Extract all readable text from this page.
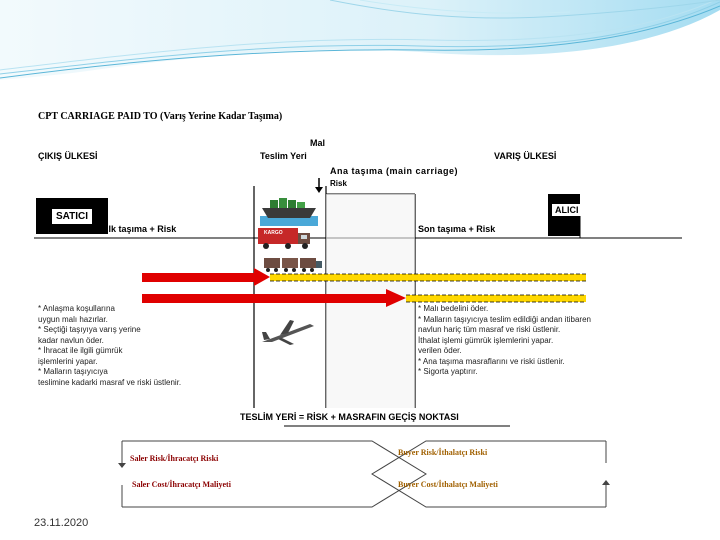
KARGO
CPT CARRIAGE PAID TO (Varış Yerine Kadar Taşıma)
ÇIKIŞ ÜLKESİ
Mal
Teslim Yeri	VARIŞ ÜLKESİ
Ana taşıma (main carriage)
Risk
SATICI
ALICI
İlk taşıma + Risk	Son taşıma + Risk
* Anlaşma koşullarına
uygun malı hazırlar.
* Seçtiği taşıyıya varış yerine
kadar navlun öder.
* İhracat ile ilgili gümrük
işlemlerini yapar.
* Malların taşıyıcıya
teslimine kadarki masraf ve riski üstlenir.
* Malı bedelini öder.
* Malların taşıyıcıya teslim edildiği andan itibaren
navlun hariç tüm masraf ve riski üstlenir.
İthalat işlemi gümrük işlemlerini yapar.
verilen öder.
* Ana taşıma masraflarını ve riski üstlenir.
* Sigorta yaptırır.
TESLİM YERİ = RİSK + MASRAFIN GEÇİŞ NOKTASI
Saler Risk/İhracatçı Riski
Saler Cost/İhracatçı Maliyeti
Buyer Risk/İthalatçı Riski
Buyer Cost/İthalatçı Maliyeti
23.11.2020
